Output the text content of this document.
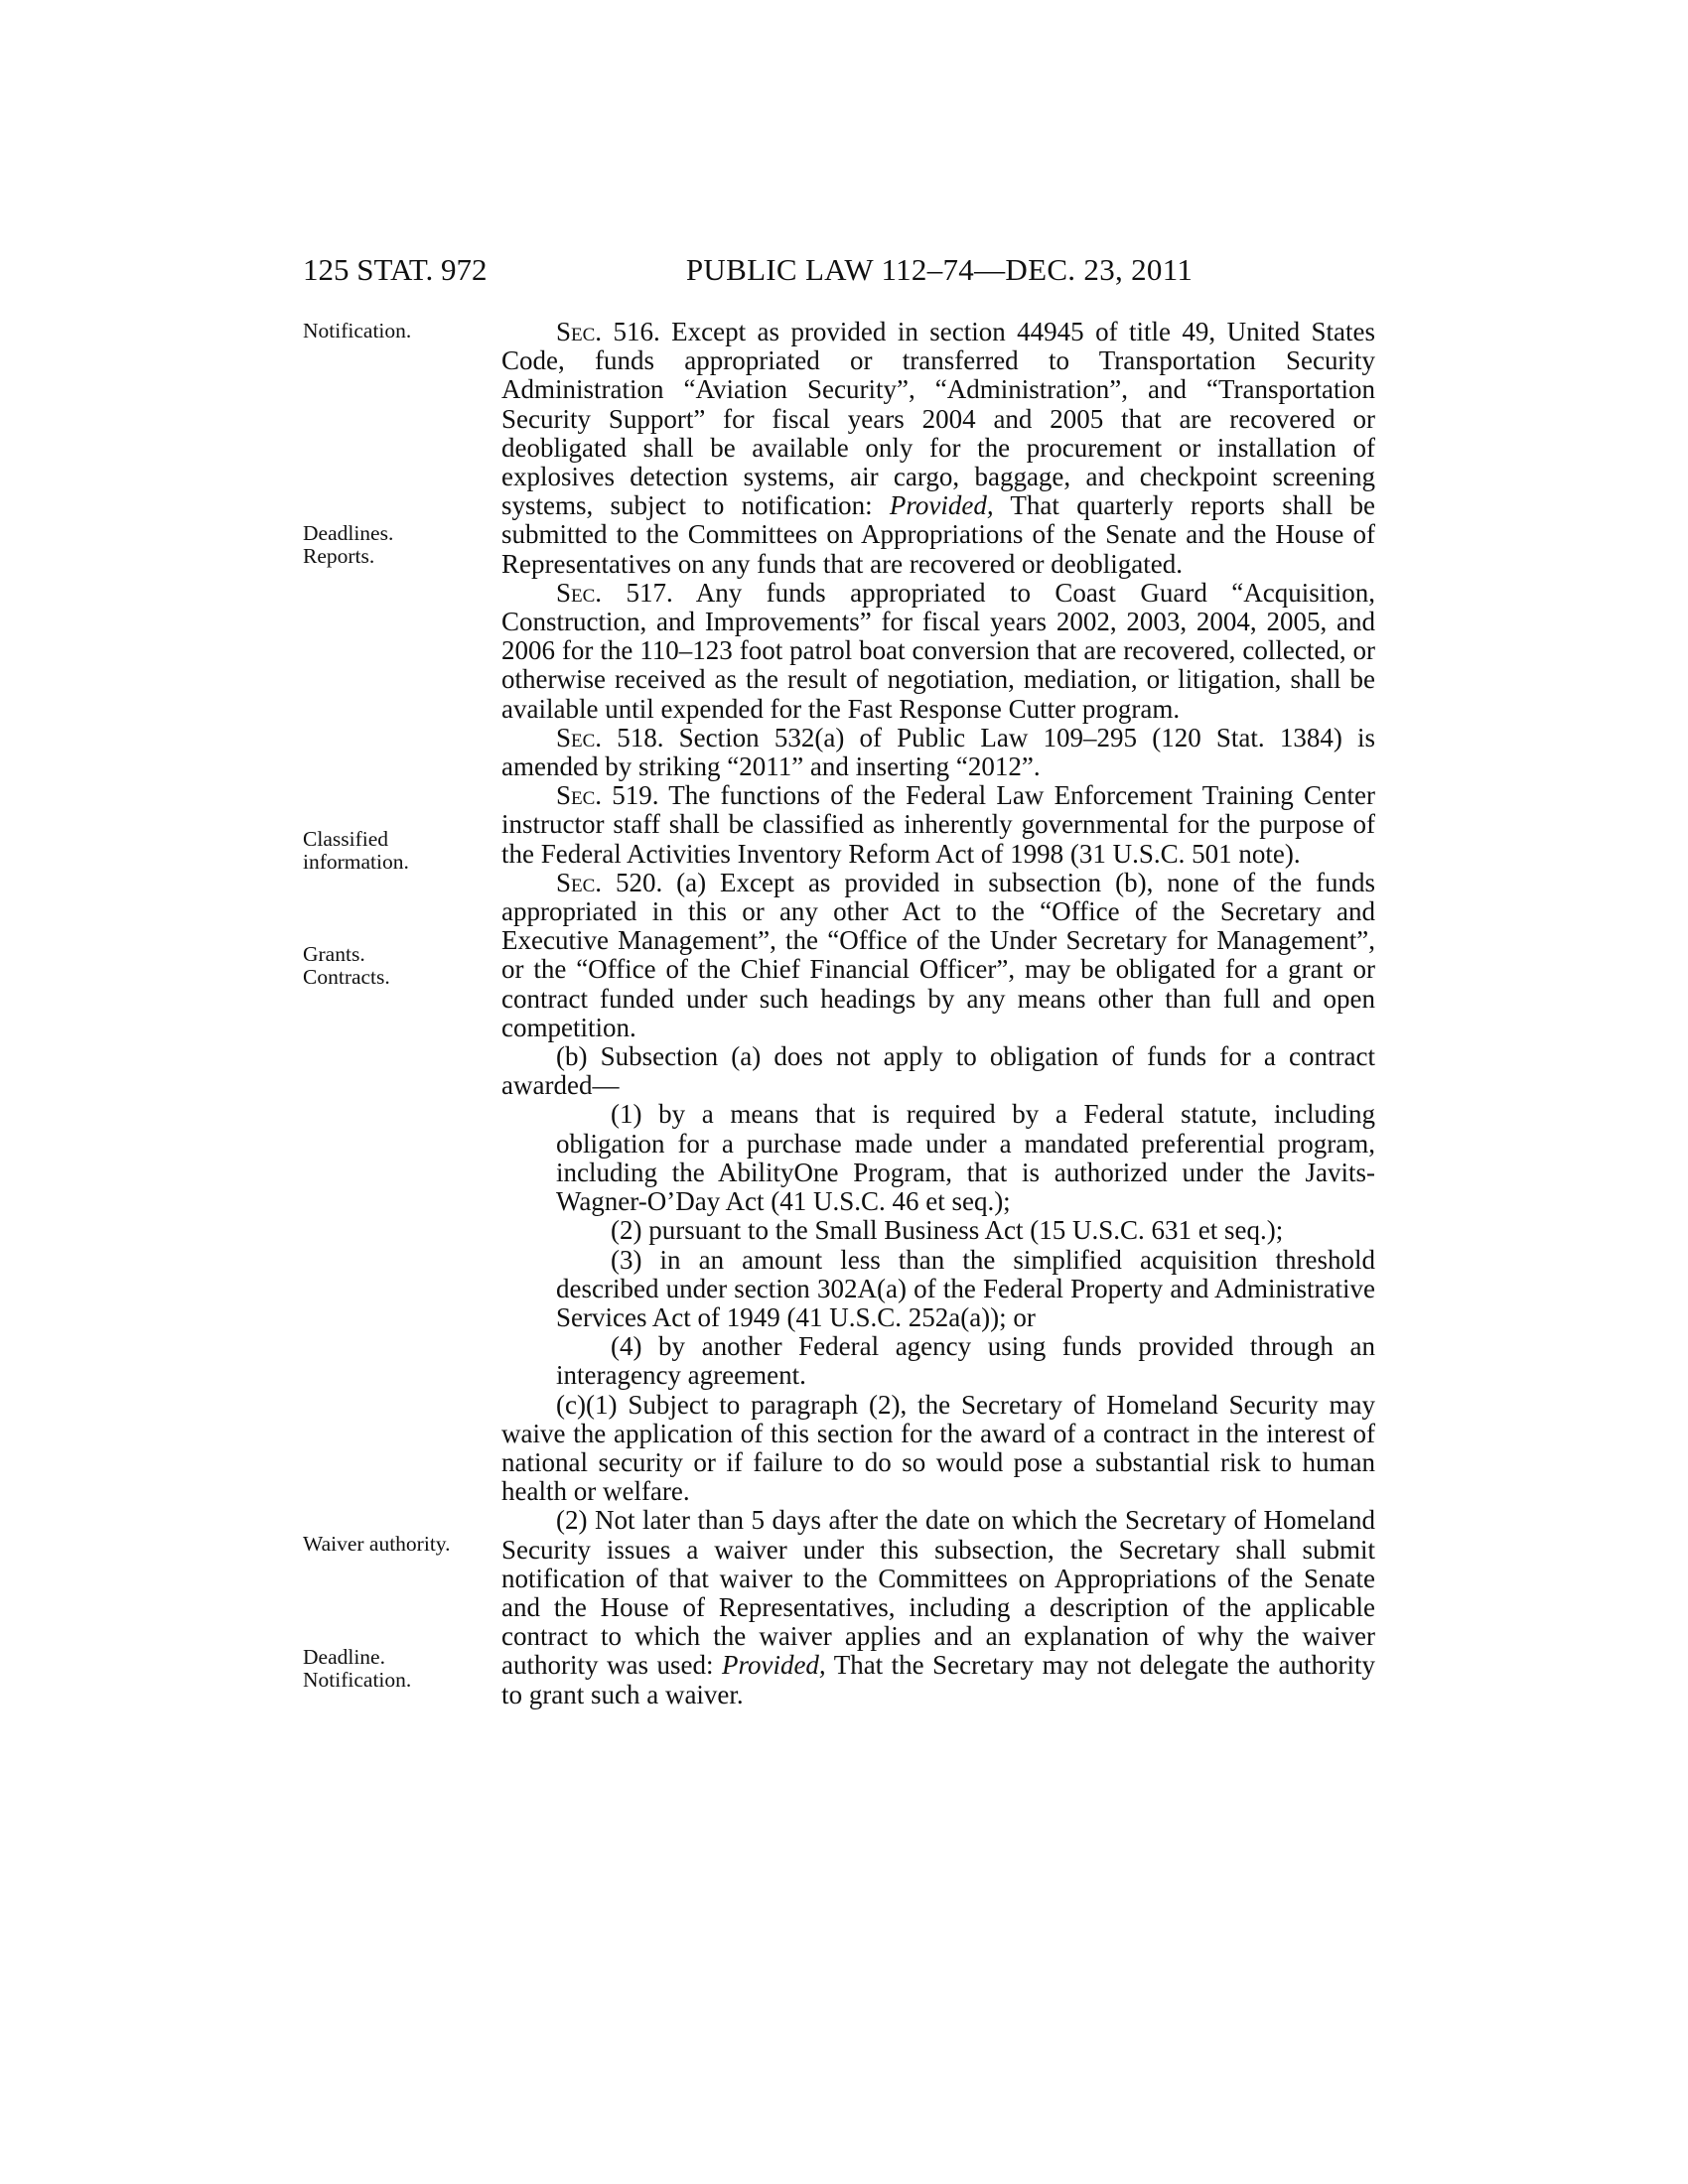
125 STAT. 972	PUBLIC LAW 112–74—DEC. 23, 2011
Notification.
Deadlines.
Reports.
Classified
information.
Grants.
Contracts.
Waiver authority.
Deadline.
Notification.

Sec. 516. Except as provided in section 44945 of title 49, United States Code, funds appropriated or transferred to Transportation Security Administration “Aviation Security”, “Administration”, and “Transportation Security Support” for fiscal years 2004 and 2005 that are recovered or deobligated shall be available only for the procurement or installation of explosives detection systems, air cargo, baggage, and checkpoint screening systems, subject to notification: Provided, That quarterly reports shall be submitted to the Committees on Appropriations of the Senate and the House of Representatives on any funds that are recovered or deobligated.

Sec. 517. Any funds appropriated to Coast Guard “Acquisition, Construction, and Improvements” for fiscal years 2002, 2003, 2004, 2005, and 2006 for the 110–123 foot patrol boat conversion that are recovered, collected, or otherwise received as the result of negotiation, mediation, or litigation, shall be available until expended for the Fast Response Cutter program.

Sec. 518. Section 532(a) of Public Law 109–295 (120 Stat. 1384) is amended by striking “2011” and inserting “2012”.

Sec. 519. The functions of the Federal Law Enforcement Training Center instructor staff shall be classified as inherently governmental for the purpose of the Federal Activities Inventory Reform Act of 1998 (31 U.S.C. 501 note).

Sec. 520. (a) Except as provided in subsection (b), none of the funds appropriated in this or any other Act to the “Office of the Secretary and Executive Management”, the “Office of the Under Secretary for Management”, or the “Office of the Chief Financial Officer”, may be obligated for a grant or contract funded under such headings by any means other than full and open competition.

(b) Subsection (a) does not apply to obligation of funds for a contract awarded—

(1) by a means that is required by a Federal statute, including obligation for a purchase made under a mandated preferential program, including the AbilityOne Program, that is authorized under the Javits-Wagner-O’Day Act (41 U.S.C. 46 et seq.);

(2) pursuant to the Small Business Act (15 U.S.C. 631 et seq.);

(3) in an amount less than the simplified acquisition threshold described under section 302A(a) of the Federal Property and Administrative Services Act of 1949 (41 U.S.C. 252a(a)); or

(4) by another Federal agency using funds provided through an interagency agreement.

(c)(1) Subject to paragraph (2), the Secretary of Homeland Security may waive the application of this section for the award of a contract in the interest of national security or if failure to do so would pose a substantial risk to human health or welfare.

(2) Not later than 5 days after the date on which the Secretary of Homeland Security issues a waiver under this subsection, the Secretary shall submit notification of that waiver to the Committees on Appropriations of the Senate and the House of Representatives, including a description of the applicable contract to which the waiver applies and an explanation of why the waiver authority was used: Provided, That the Secretary may not delegate the authority to grant such a waiver.
